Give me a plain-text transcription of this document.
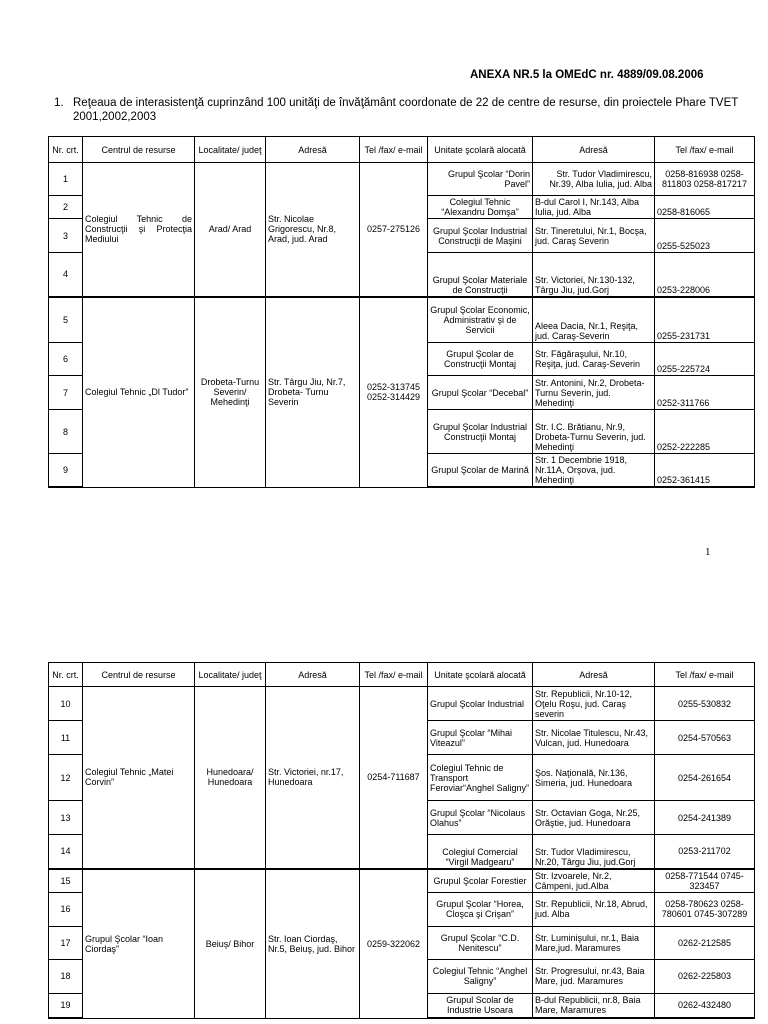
ANEXA NR.5 la OMEdC nr. 4889/09.08.2006
1. Reţeaua de interasistenţă cuprinzând 100 unităţi de învăţământ coordonate de 22 de centre de resurse, din proiectele Phare TVET 2001,2002,2003
Nr. crt.	Centrul de resurse	Localitate/ judeţ	Adresă	Tel /fax/ e-mail	Unitate şcolară alocată	Adresă	Tel /fax/ e-mail
1	Colegiul Tehnic de Construcţii şi Protecţia Mediului	Arad/ Arad	Str. Nicolae Grigorescu, Nr.8, Arad, jud. Arad	0257-275126	Grupul Şcolar “Dorin Pavel”	Str. Tudor Vladimirescu, Nr.39, Alba Iulia, jud. Alba	0258-816938 0258-811803 0258-817217
2					Colegiul Tehnic “Alexandru Domşa”	B-dul Carol I, Nr.143, Alba Iulia, jud. Alba	0258-816065
3					Grupul Şcolar Industrial Construcţii de Maşini	Str. Tineretului, Nr.1, Bocşa, jud. Caraş Severin	0255-525023
4					Grupul Şcolar Materiale de Construcţii	Str. Victoriei, Nr.130-132, Târgu Jiu, jud.Gorj	0253-228006
5	Colegiul Tehnic „Dl Tudor”	Drobeta-Turnu Severin/ Mehedinţi	Str. Târgu Jiu, Nr.7, Drobeta- Turnu Severin	0252-313745 0252-314429	Grupul Şcolar Economic, Administrativ şi de Servicii	Aleea Dacia, Nr.1, Reşiţa, jud. Caraş-Severin	0255-231731
6					Grupul Şcolar de Construcţii Montaj	Str. Făgăraşului, Nr.10, Reşiţa, jud. Caraş-Severin	0255-225724
7					Grupul Şcolar “Decebal”	Str. Antonini, Nr.2, Drobeta-Turnu Severin, jud. Mehedinţi	0252-311766
8					Grupul Şcolar Industrial Construcţii Montaj	Str. I.C. Brătianu, Nr.9, Drobeta-Turnu Severin, jud. Mehedinţi	0252-222285
9					Grupul Şcolar de Marină	Str. 1 Decembrie 1918, Nr.11A, Orşova, jud. Mehedinţi	0252-361415
1
Nr. crt.	Centrul de resurse	Localitate/ judeţ	Adresă	Tel /fax/ e-mail	Unitate şcolară alocată	Adresă	Tel /fax/ e-mail
10	Colegiul Tehnic „Matei Corvin”	Hunedoara/ Hunedoara	Str. Victoriei, nr.17, Hunedoara	0254-711687	Grupul Şcolar Industrial	Str. Republicii, Nr.10-12, Oţelu Roşu, jud. Caraş severin	0255-530832
11					Grupul Şcolar “Mihai Viteazul”	Str. Nicolae Titulescu, Nr.43, Vulcan, jud. Hunedoara	0254-570563
12					Colegiul Tehnic de Transport Feroviar“Anghel Saligny”	Şos. Naţională, Nr.136, Simeria, jud. Hunedoara	0254-261654
13					Grupul Şcolar “Nicolaus Olahus”	Str. Octavian Goga, Nr.25, Orăştie, jud. Hunedoara	0254-241389
14					Colegiul Comercial “Virgil Madgearu”	Str. Tudor Vladimirescu, Nr.20, Târgu Jiu, jud.Gorj	0253-211702
15	Grupul Şcolar “Ioan Ciordaş”	Beiuş/ Bihor	Str. Ioan Ciordaş, Nr.5, Beiuş, jud. Bihor	0259-322062	Grupul Şcolar Forestier	Str. Izvoarele, Nr.2, Câmpeni, jud.Alba	0258-771544 0745-323457
16					Grupul Şcolar “Horea, Cloşca şi Crişan”	Str. Republicii, Nr.18, Abrud, jud. Alba	0258-780623 0258-780601 0745-307289
17					Grupul Şcolar “C.D. Nenitescu”	Str. Luminişului, nr.1, Baia Mare,jud. Maramures	0262-212585
18					Colegiul Tehnic “Anghel Saligny”	Str. Progresului, nr.43, Baia Mare, jud. Maramures	0262-225803
19					Grupul Scolar de Industrie Usoara	B-dul Republicii, nr.8, Baia Mare, Maramures	0262-432480
